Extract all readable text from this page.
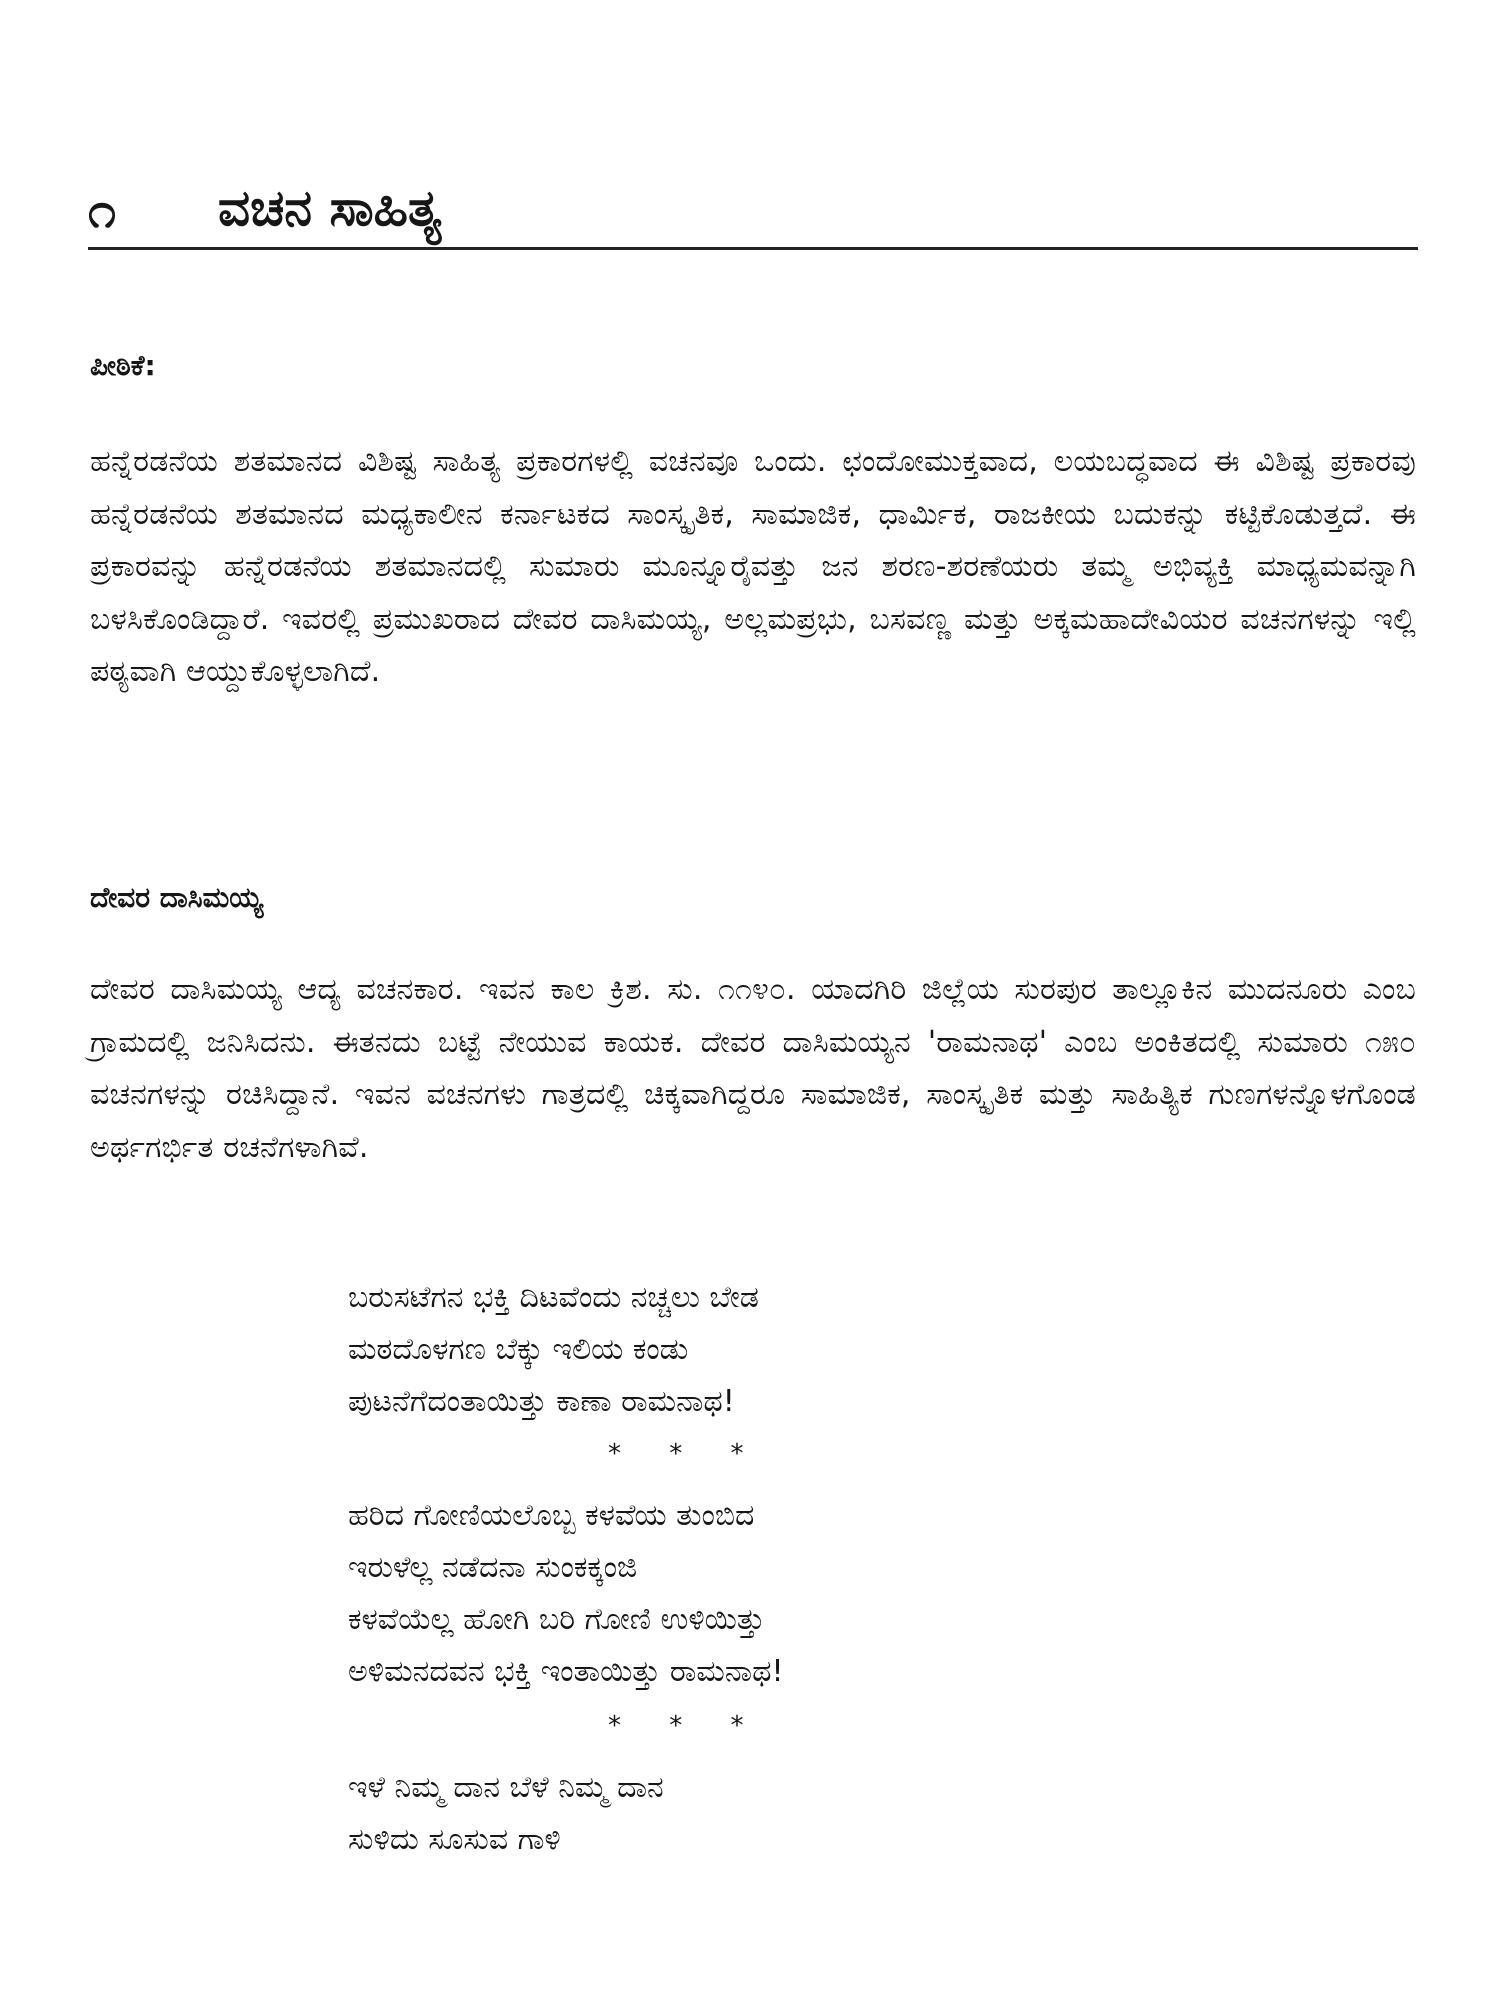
೧ ವಚನ ಸಾಹಿತ್ಯ
ಪೀಠಿಕೆ:
ಹನ್ನೆರಡನೆಯ ಶತಮಾನದ ವಿಶಿಷ್ಟ ಸಾಹಿತ್ಯ ಪ್ರಕಾರಗಳಲ್ಲಿ ವಚನವೂ ಒಂದು. ಛಂದೋಮುಕ್ತವಾದ, ಲಯಬದ್ಧವಾದ ಈ ವಿಶಿಷ್ಟ ಪ್ರಕಾರವು ಹನ್ನೆರಡನೆಯ ಶತಮಾನದ ಮಧ್ಯಕಾಲೀನ ಕರ್ನಾಟಕದ ಸಾಂಸ್ಕೃತಿಕ, ಸಾಮಾಜಿಕ, ಧಾರ್ಮಿಕ, ರಾಜಕೀಯ ಬದುಕನ್ನು ಕಟ್ಟಿಕೊಡುತ್ತದೆ. ಈ ಪ್ರಕಾರವನ್ನು ಹನ್ನೆರಡನೆಯ ಶತಮಾನದಲ್ಲಿ ಸುಮಾರು ಮೂನ್ನೂರೈವತ್ತು ಜನ ಶರಣ-ಶರಣೆಯರು ತಮ್ಮ ಅಭಿವ್ಯಕ್ತಿ ಮಾಧ್ಯಮವನ್ನಾಗಿ ಬಳಸಿಕೊಂಡಿದ್ದಾರೆ. ಇವರಲ್ಲಿ ಪ್ರಮುಖರಾದ ದೇವರ ದಾಸಿಮಯ್ಯ, ಅಲ್ಲಮಪ್ರಭು, ಬಸವಣ್ಣ ಮತ್ತು ಅಕ್ಕಮಹಾದೇವಿಯರ ವಚನಗಳನ್ನು ಇಲ್ಲಿ ಪಠ್ಯವಾಗಿ ಆಯ್ದುಕೊಳ್ಳಲಾಗಿದೆ.
ದೇವರ ದಾಸಿಮಯ್ಯ
ದೇವರ ದಾಸಿಮಯ್ಯ ಆದ್ಯ ವಚನಕಾರ. ಇವನ ಕಾಲ ಕ್ರಿಶ. ಸು. ೧೧೪೦. ಯಾದಗಿರಿ ಜಿಲ್ಲೆಯ ಸುರಪುರ ತಾಲ್ಲೂಕಿನ ಮುದನೂರು ಎಂಬ ಗ್ರಾಮದಲ್ಲಿ ಜನಿಸಿದನು. ಈತನದು ಬಟ್ಟೆ ನೇಯುವ ಕಾಯಕ. ದೇವರ ದಾಸಿಮಯ್ಯನ 'ರಾಮನಾಥ' ಎಂಬ ಅಂಕಿತದಲ್ಲಿ ಸುಮಾರು ೧೫೦ ವಚನಗಳನ್ನು ರಚಿಸಿದ್ದಾನೆ. ಇವನ ವಚನಗಳು ಗಾತ್ರದಲ್ಲಿ ಚಿಕ್ಕವಾಗಿದ್ದರೂ ಸಾಮಾಜಿಕ, ಸಾಂಸ್ಕೃತಿಕ ಮತ್ತು ಸಾಹಿತ್ಯಿಕ ಗುಣಗಳನ್ನೊಳಗೊಂಡ ಅರ್ಥಗರ್ಭಿತ ರಚನೆಗಳಾಗಿವೆ.
ಬರುಸಟೆಗನ ಭಕ್ತಿ ದಿಟವೆಂದು ನಚ್ಚಲು ಬೇಡ
ಮಠದೊಳಗಣ ಬೆಕ್ಕು ಇಲಿಯ ಕಂಡು
ಪುಟನೆಗೆದಂತಾಯಿತ್ತು ಕಾಣಾ ರಾಮನಾಥ!
* * *
ಹರಿದ ಗೋಣಿಯಲೊಬ್ಬ ಕಳವೆಯ ತುಂಬಿದ
ಇರುಳೆಲ್ಲ ನಡೆದನಾ ಸುಂಕಕ್ಕಂಜಿ
ಕಳವೆಯೆಲ್ಲ ಹೋಗಿ ಬರಿ ಗೋಣಿ ಉಳಿಯಿತ್ತು
ಅಳಿಮನದವನ ಭಕ್ತಿ ಇಂತಾಯಿತ್ತು ರಾಮನಾಥ!
* * *
ಇಳೆ ನಿಮ್ಮ ದಾನ ಬೆಳೆ ನಿಮ್ಮ ದಾನ
ಸುಳಿದು ಸೂಸುವ ಗಾಳಿ
